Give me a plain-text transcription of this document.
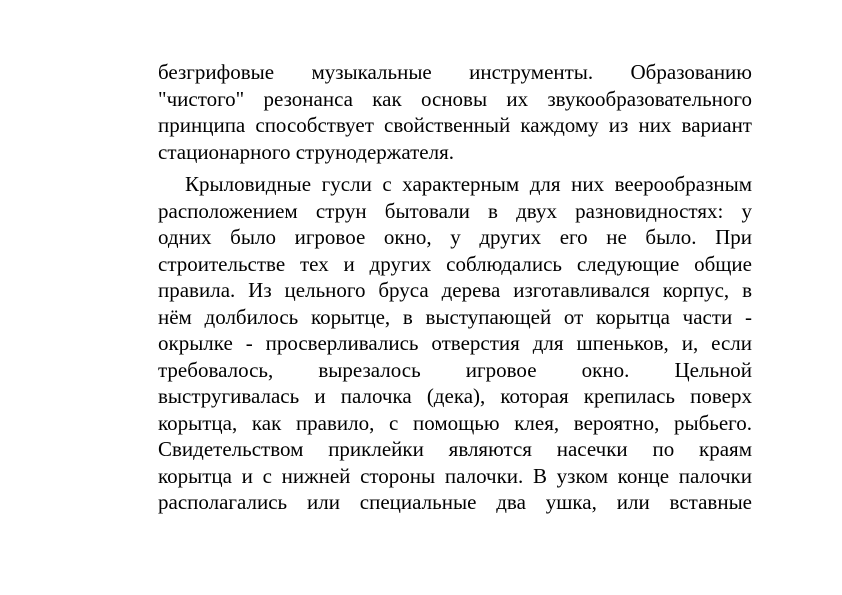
безгрифовые музыкальные инструменты. Образованию
"чистого" резонанса как основы их звукообразовательного
принципа способствует свойственный каждому из них вариант
стационарного струнодержателя.
Крыловидные гусли с характерным для них веерообразным
расположением струн бытовали в двух разновидностях: у
одних было игровое окно, у других его не было. При
строительстве тех и других соблюдались следующие общие
правила. Из цельного бруса дерева изготавливался корпус, в
нём долбилось корытце, в выступающей от корытца части -
окрылке - просверливались отверстия для шпеньков, и, если
требовалось, вырезалось игровое окно. Цельной
выстругивалась и палочка (дека), которая крепилась поверх
корытца, как правило, с помощью клея, вероятно, рыбьего.
Свидетельством приклейки являются насечки по краям
корытца и с нижней стороны палочки. В узком конце палочки
располагались или специальные два ушка, или вставные
